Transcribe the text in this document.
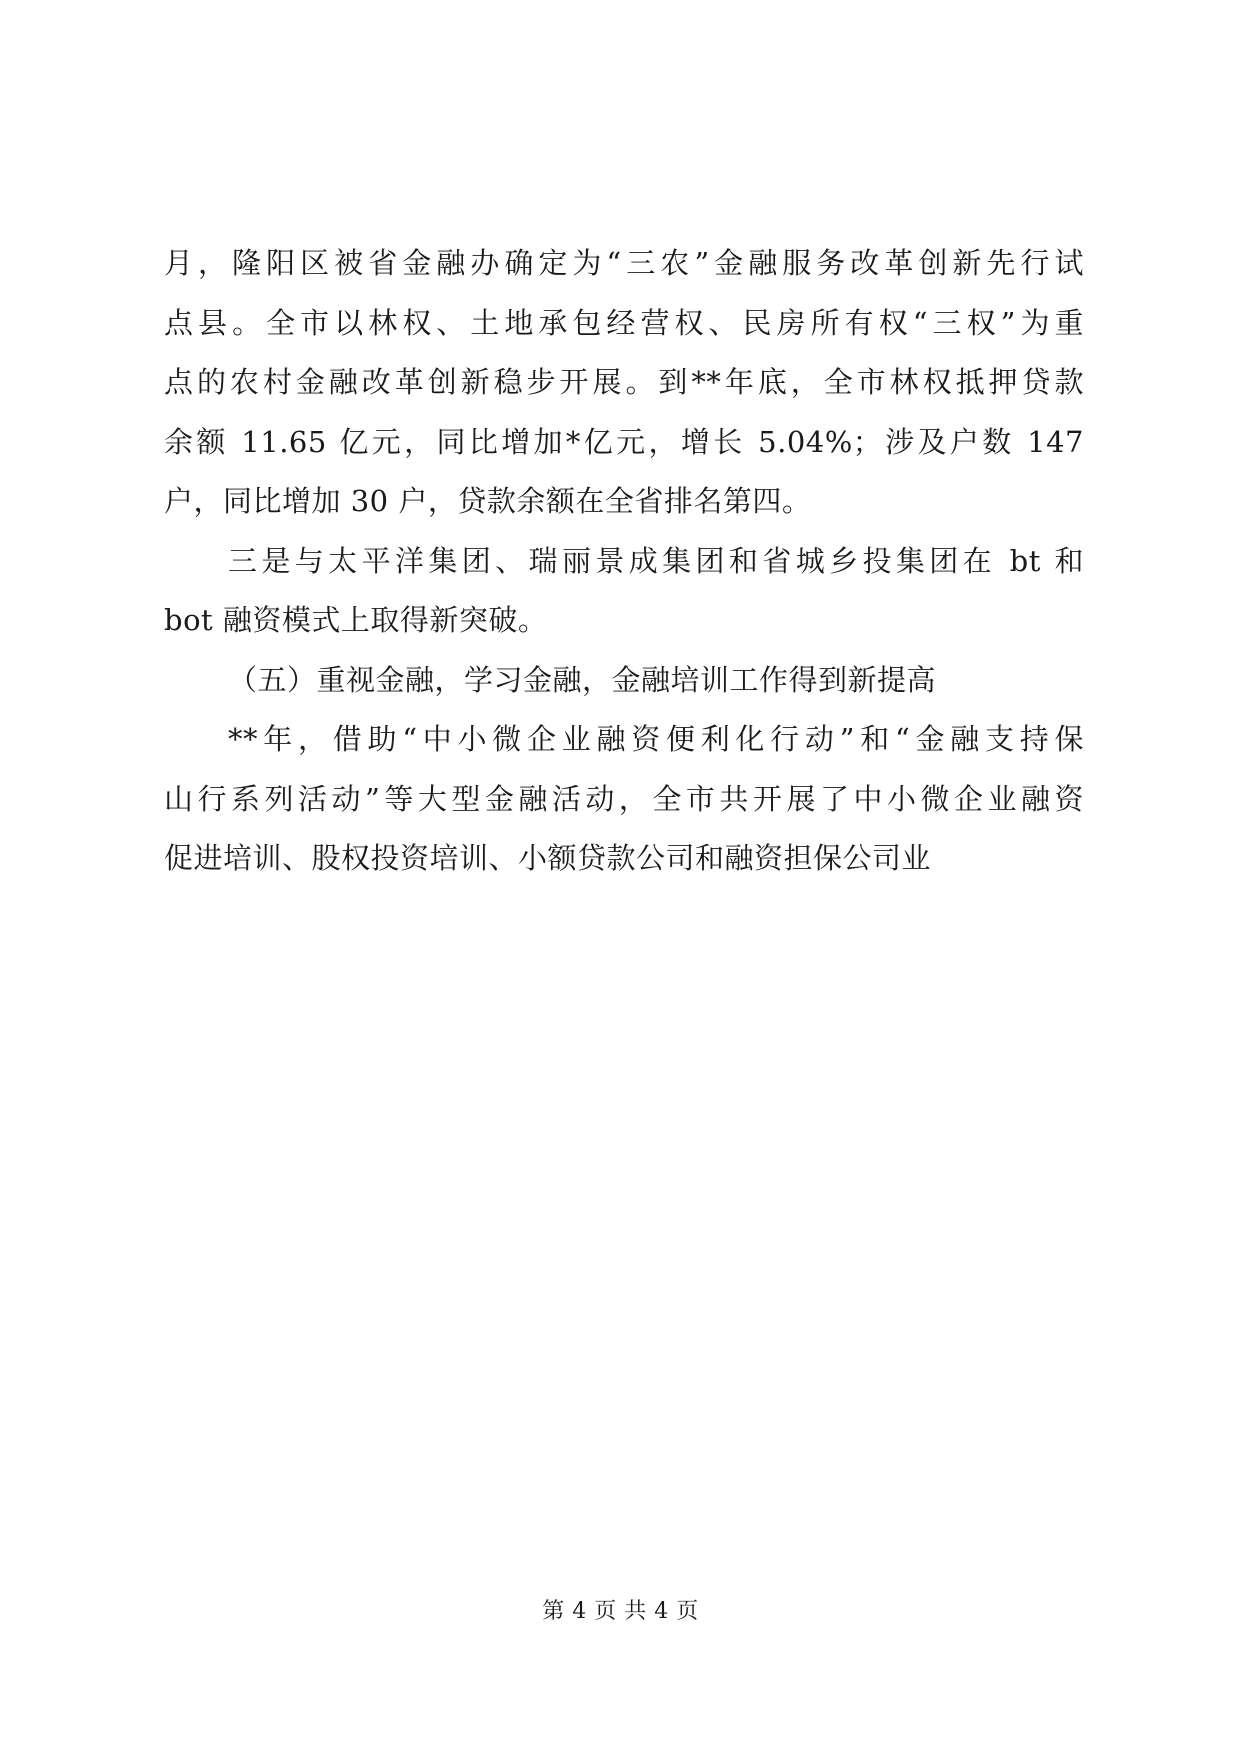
月，隆阳区被省金融办确定为“三农”金融服务改革创新先行试
点县。全市以林权、土地承包经营权、民房所有权“三权”为重
点的农村金融改革创新稳步开展。到**年底，全市林权抵押贷款
余额 11.65 亿元，同比增加*亿元，增长 5.04%；涉及户数 147
户，同比增加 30 户，贷款余额在全省排名第四。
三是与太平洋集团、瑞丽景成集团和省城乡投集团在 bt 和
bot 融资模式上取得新突破。
（五）重视金融，学习金融，金融培训工作得到新提高
**年，借助“中小微企业融资便利化行动”和“金融支持保
山行系列活动”等大型金融活动，全市共开展了中小微企业融资
促进培训、股权投资培训、小额贷款公司和融资担保公司业
第 4 页 共 4 页
